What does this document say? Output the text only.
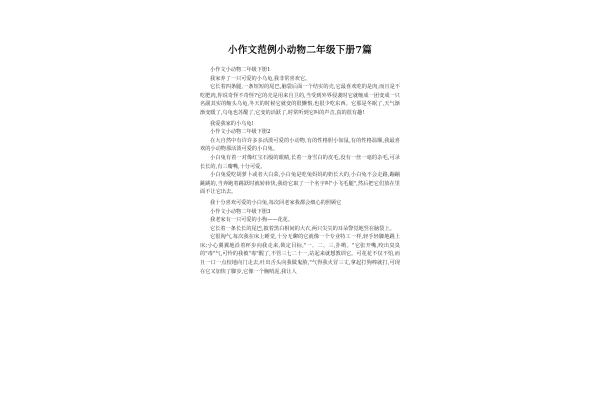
小作文范例小动物二年级下册7篇

小作文小动物二年级下册1

我家养了一只可爱的小乌龟,我非常喜欢它。

它长着四条腿,一条短短的尾巴,脑袋后面一个结实的壳,它最喜欢吃的是肉,而且是不吃肥肉,你说奇怪不奇怪?它的壳是用来自卫的,当受到外界侵袭时它就缩成一团变成一只名副其实的缩头乌龟,冬天的时候它就变的很懒惰,也很少吃东西。它那是冬眠了,天气渐渐变暖了,乌龟也苏醒了,它变的活跃了,时常听到它叫的声音,真的很有趣!

我爱我家的小乌龟!

小作文小动物二年级下册2

在大自然中有许许多多活泼可爱的小动物,有的性格胆小如鼠,有的性格温顺,我最喜欢的小动物那活泼可爱的小白兔。

小白兔有着一对像红宝石般的眼睛,长着一身雪白的皮毛,没有一丝一毫的杂毛,可录长长的,有三瓣嘴,十分可爱。

小白兔爱吃胡萝卜或者大白菜,小白兔是吃兔妈妈的奶长大的,小白兔不会走路,蹦蹦跳跳的,当奔跑着跳跃时就转转快,我给它取了一个名字叫"小飞毛腿",然后把它们放在里面不让它出去。

我十分喜欢可爱的小白兔,每次回老家我都会细心的照顾它

小作文小动物二年级下册3

我老家有一只可爱的小狗——花花。

它长着一条长长的尾巴,披着黑白相间的大衣,两只尖尖的耳朵警觉地竖在脑袋上。

它很淘气,每次我在床上睡觉,十分无聊的它就像一个专业特工一样,轻手轻脚地跳上床;小心翼翼地沿着杯步向我走来,锁定目标,"一、二、三,扑哟。"它张开嘴,咬出臭臭的"毒"气,可怜的我被"毒"醒了,不管三七二十一,站起来就想教训它。可花花不仅不怕,而且一口一点校地向门走去,吐出舌头向我做鬼脸,"气得我火冒三丈,拿起打狗棒就打,可现在它又加快了脚步,它像一个胸哨泥,我让人
